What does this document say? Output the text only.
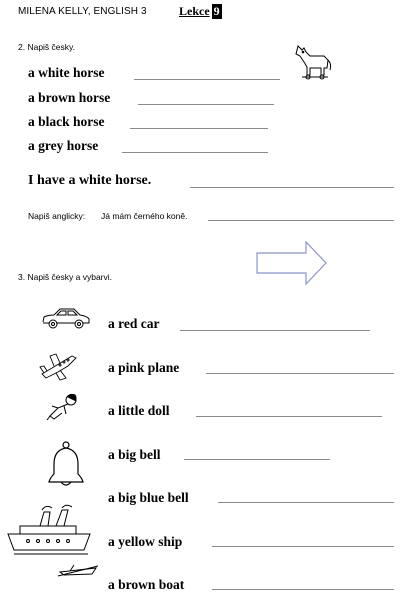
MILENA KELLY, ENGLISH 3	Lekce 9
2. Napiš česky.
a white horse
a brown horse
a black horse
a grey horse
I have a white horse.
Napiš anglicky: Já mám černého koně.
3. Napiš česky a vybarvi.
a red car
a pink plane
a little doll
a big bell
a big blue bell
a yellow ship
a brown boat
